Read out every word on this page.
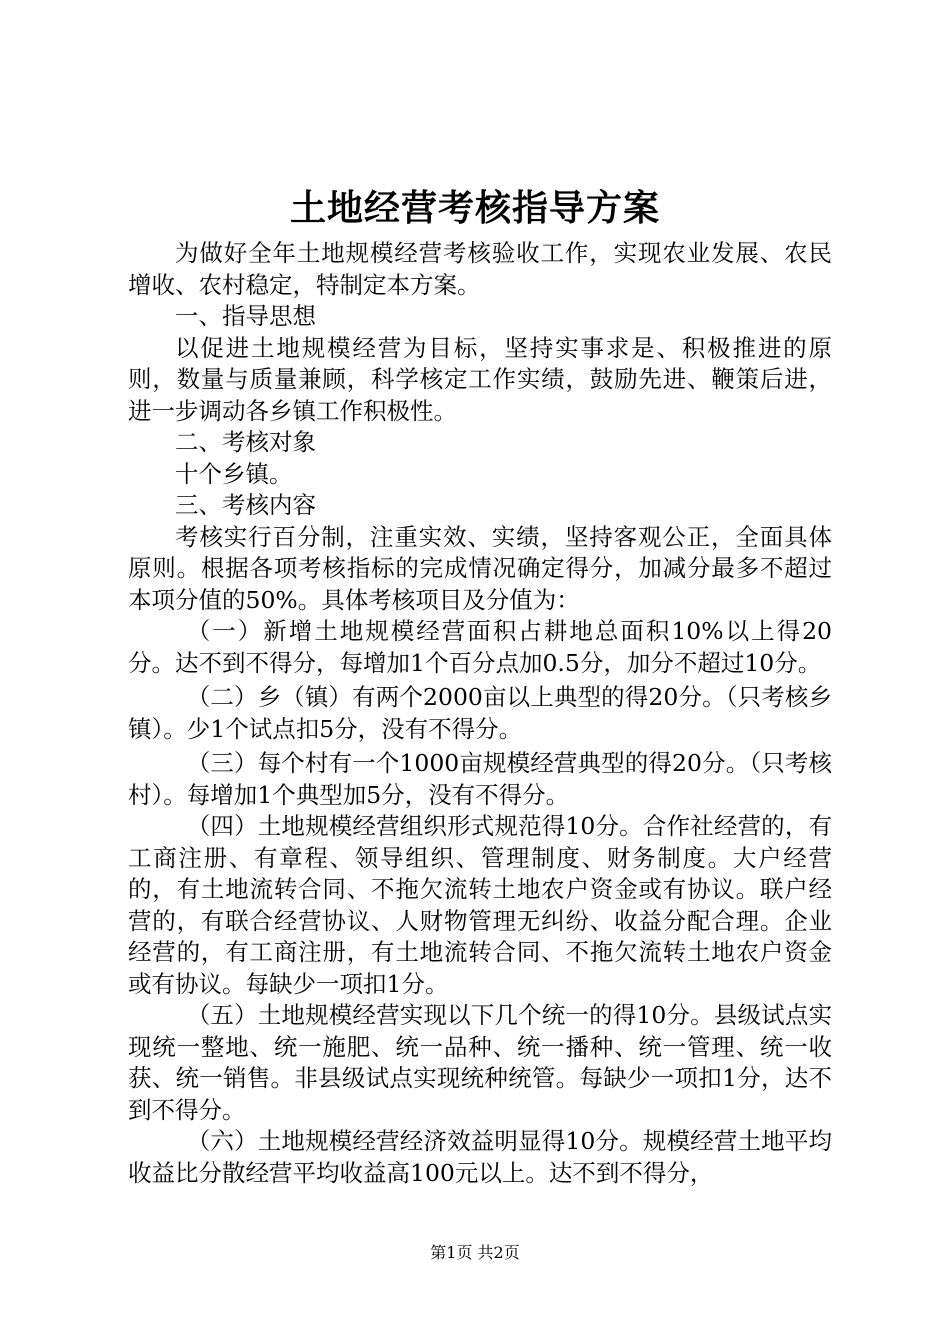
土地经营考核指导方案

为做好全年土地规模经营考核验收工作，实现农业发展、农民增收、农村稳定，特制定本方案。

一、指导思想

以促进土地规模经营为目标，坚持实事求是、积极推进的原则，数量与质量兼顾，科学核定工作实绩，鼓励先进、鞭策后进，进一步调动各乡镇工作积极性。

二、考核对象

十个乡镇。

三、考核内容

考核实行百分制，注重实效、实绩，坚持客观公正，全面具体原则。根据各项考核指标的完成情况确定得分，加减分最多不超过本项分值的50%。具体考核项目及分值为：

（一）新增土地规模经营面积占耕地总面积10%以上得20分。达不到不得分，每增加1个百分点加0.5分，加分不超过10分。

（二）乡（镇）有两个2000亩以上典型的得20分。（只考核乡镇）。少1个试点扣5分，没有不得分。

（三）每个村有一个1000亩规模经营典型的得20分。（只考核村）。每增加1个典型加5分，没有不得分。

（四）土地规模经营组织形式规范得10分。合作社经营的，有工商注册、有章程、领导组织、管理制度、财务制度。大户经营的，有土地流转合同、不拖欠流转土地农户资金或有协议。联户经营的，有联合经营协议、人财物管理无纠纷、收益分配合理。企业经营的，有工商注册，有土地流转合同、不拖欠流转土地农户资金或有协议。每缺少一项扣1分。

（五）土地规模经营实现以下几个统一的得10分。县级试点实现统一整地、统一施肥、统一品种、统一播种、统一管理、统一收获、统一销售。非县级试点实现统种统管。每缺少一项扣1分，达不到不得分。

（六）土地规模经营经济效益明显得10分。规模经营土地平均收益比分散经营平均收益高100元以上。达不到不得分，

第1页 共2页
